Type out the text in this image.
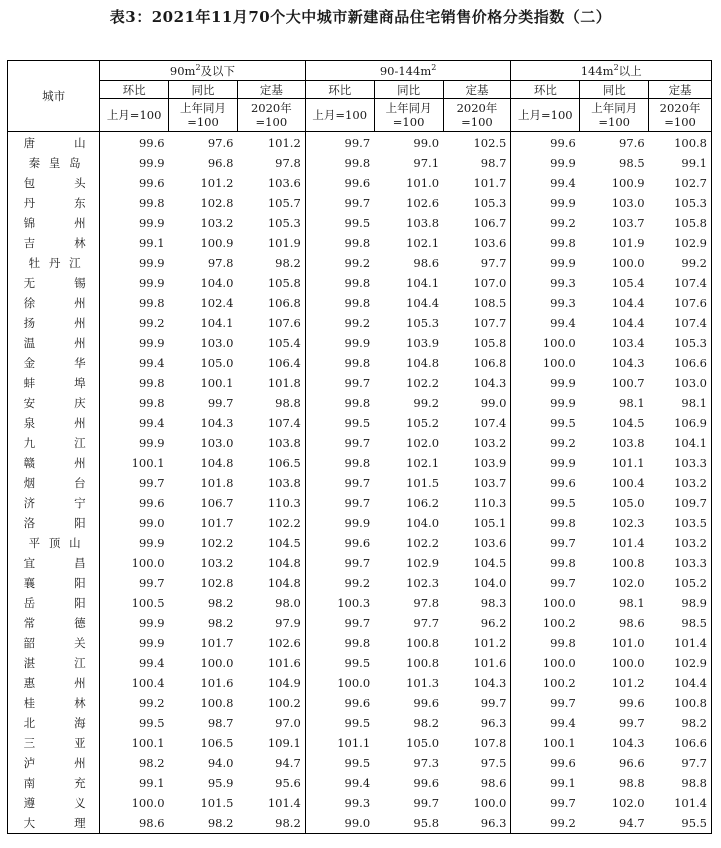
表3：2021年11月70个大中城市新建商品住宅销售价格分类指数（二）
城市	$90m^2$及以下			$90-144m^2$			$144m^2$以上		
	环比	同比	定基	环比	同比	定基	环比	同比	定基
	上月=100	上年同月=100	2020年=100	上月=100	上年同月=100	2020年=100	上月=100	上年同月=100	2020年=100

唐 山	99.6	97.6	101.2	99.7	99.0	102.5	99.6	97.6	100.8

秦 皇 岛	99.9	96.8	97.8	99.8	97.1	98.7	99.9	98.5	99.1

包 头	99.6	101.2	103.6	99.6	101.0	101.7	99.4	100.9	102.7

丹 东	99.8	102.8	105.7	99.7	102.6	105.3	99.9	103.0	105.3

锦 州	99.9	103.2	105.3	99.5	103.8	106.7	99.2	103.7	105.8

吉 林	99.1	100.9	101.9	99.8	102.1	103.6	99.8	101.9	102.9

牡 丹 江	99.9	97.8	98.2	99.2	98.6	97.7	99.9	100.0	99.2

无 锡	99.9	104.0	105.8	99.8	104.1	107.0	99.3	105.4	107.4

徐 州	99.8	102.4	106.8	99.8	104.4	108.5	99.3	104.4	107.6

扬 州	99.2	104.1	107.6	99.2	105.3	107.7	99.4	104.4	107.4

温 州	99.9	103.0	105.4	99.9	103.9	105.8	100.0	103.4	105.3

金 华	99.4	105.0	106.4	99.8	104.8	106.8	100.0	104.3	106.6

蚌 埠	99.8	100.1	101.8	99.7	102.2	104.3	99.9	100.7	103.0

安 庆	99.8	99.7	98.8	99.8	99.2	99.0	99.9	98.1	98.1

泉 州	99.4	104.3	107.4	99.5	105.2	107.4	99.5	104.5	106.9

九 江	99.9	103.0	103.8	99.7	102.0	103.2	99.2	103.8	104.1

赣 州	100.1	104.8	106.5	99.8	102.1	103.9	99.9	101.1	103.3

烟 台	99.7	101.8	103.8	99.7	101.5	103.7	99.6	100.4	103.2

济 宁	99.6	106.7	110.3	99.7	106.2	110.3	99.5	105.0	109.7

洛 阳	99.0	101.7	102.2	99.9	104.0	105.1	99.8	102.3	103.5

平 顶 山	99.9	102.2	104.5	99.6	102.2	103.6	99.7	101.4	103.2

宜 昌	100.0	103.2	104.8	99.7	102.9	104.5	99.8	100.8	103.3

襄 阳	99.7	102.8	104.8	99.2	102.3	104.0	99.7	102.0	105.2

岳 阳	100.5	98.2	98.0	100.3	97.8	98.3	100.0	98.1	98.9

常 德	99.9	98.2	97.9	99.7	97.7	96.2	100.2	98.6	98.5

韶 关	99.9	101.7	102.6	99.8	100.8	101.2	99.8	101.0	101.4

湛 江	99.4	100.0	101.6	99.5	100.8	101.6	100.0	100.0	102.9

惠 州	100.4	101.6	104.9	100.0	101.3	104.3	100.2	101.2	104.4

桂 林	99.2	100.8	100.2	99.6	99.6	99.7	99.7	99.6	100.8

北 海	99.5	98.7	97.0	99.5	98.2	96.3	99.4	99.7	98.2

三 亚	100.1	106.5	109.1	101.1	105.0	107.8	100.1	104.3	106.6

泸 州	98.2	94.0	94.7	99.5	97.3	97.5	99.6	96.6	97.7

南 充	99.1	95.9	95.6	99.4	99.6	98.6	99.1	98.8	98.8

遵 义	100.0	101.5	101.4	99.3	99.7	100.0	99.7	102.0	101.4

大 理	98.6	98.2	98.2	99.0	95.8	96.3	99.2	94.7	95.5
